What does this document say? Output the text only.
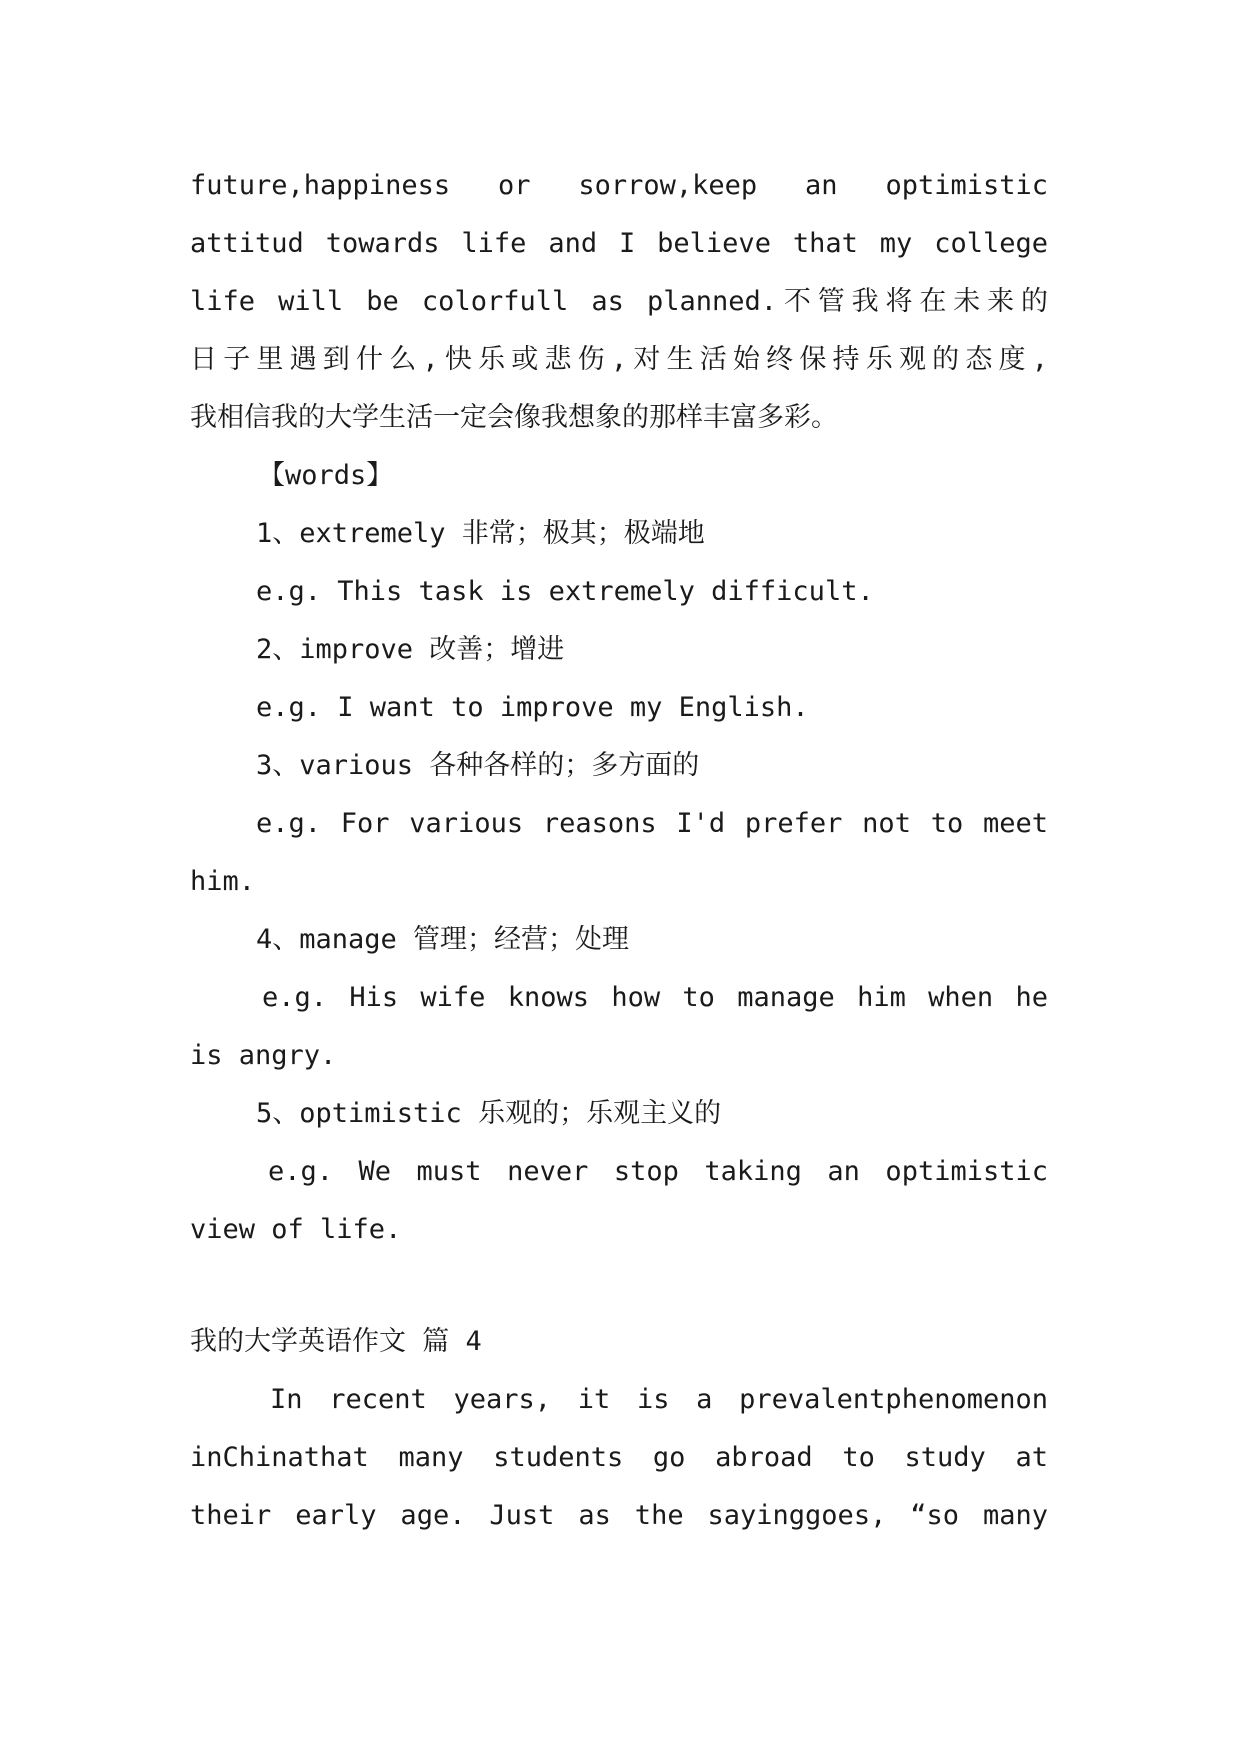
future,happiness or sorrow,keep an optimistic
attitud towards life and I believe that my college
life will be colorfull as planned.不管我将在未来的
日子里遇到什么,快乐或悲伤,对生活始终保持乐观的态度,
我相信我的大学生活一定会像我想象的那样丰富多彩。
【words】
1、extremely 非常；极其；极端地
e.g. This task is extremely difficult.
2、improve 改善；增进
e.g. I want to improve my English.
3、various 各种各样的；多方面的
e.g. For various reasons I'd prefer not to meet
him.
4、manage 管理；经营；处理
e.g. His wife knows how to manage him when he
is angry.
5、optimistic 乐观的；乐观主义的
e.g. We must never stop taking an optimistic
view of life.
我的大学英语作文 篇 4
In recent years, it is a prevalentphenomenon
inChinathat many students go abroad to study at
their early age. Just as the sayinggoes, “so many
